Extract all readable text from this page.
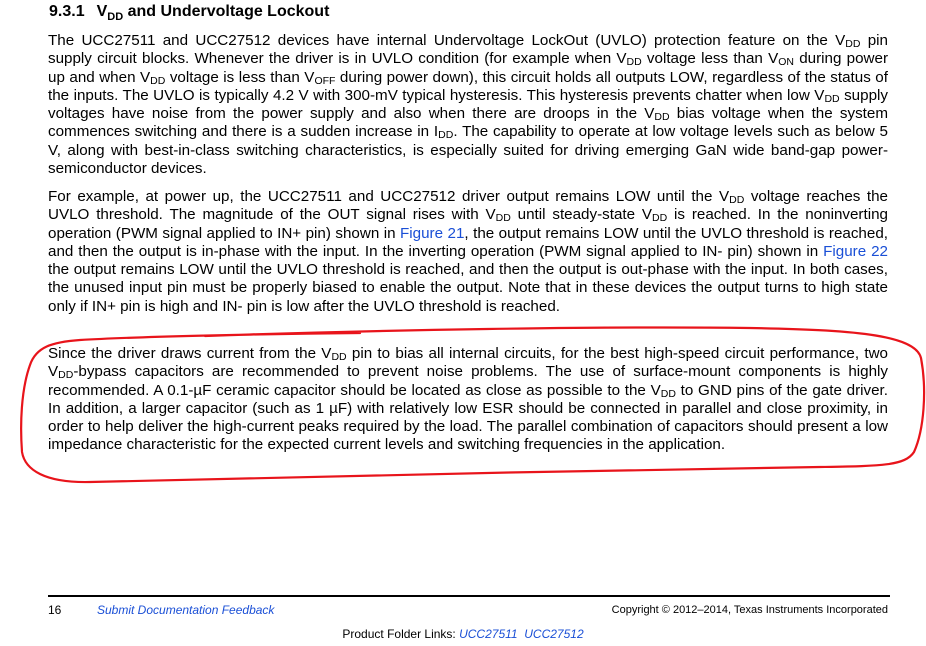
9.3.1 $V_{DD}$ and Undervoltage Lockout
The UCC27511 and UCC27512 devices have internal Undervoltage LockOut (UVLO) protection feature on the $V_{DD}$ pin supply circuit blocks. Whenever the driver is in UVLO condition (for example when $V_{DD}$ voltage less than $V_{ON}$ during power up and when $V_{DD}$ voltage is less than $V_{OFF}$ during power down), this circuit holds all outputs LOW, regardless of the status of the inputs. The UVLO is typically 4.2 V with 300-mV typical hysteresis. This hysteresis prevents chatter when low $V_{DD}$ supply voltages have noise from the power supply and also when there are droops in the $V_{DD}$ bias voltage when the system commences switching and there is a sudden increase in $I_{DD}$. The capability to operate at low voltage levels such as below 5 V, along with best-in-class switching characteristics, is especially suited for driving emerging GaN wide band-gap power-semiconductor devices.
For example, at power up, the UCC27511 and UCC27512 driver output remains LOW until the $V_{DD}$ voltage reaches the UVLO threshold. The magnitude of the OUT signal rises with $V_{DD}$ until steady-state $V_{DD}$ is reached. In the noninverting operation (PWM signal applied to IN+ pin) shown in Figure 21, the output remains LOW until the UVLO threshold is reached, and then the output is in-phase with the input. In the inverting operation (PWM signal applied to IN- pin) shown in Figure 22 the output remains LOW until the UVLO threshold is reached, and then the output is out-phase with the input. In both cases, the unused input pin must be properly biased to enable the output. Note that in these devices the output turns to high state only if IN+ pin is high and IN- pin is low after the UVLO threshold is reached.
Since the driver draws current from the $V_{DD}$ pin to bias all internal circuits, for the best high-speed circuit performance, two $V_{DD}$-bypass capacitors are recommended to prevent noise problems. The use of surface-mount components is highly recommended. A 0.1-µF ceramic capacitor should be located as close as possible to the $V_{DD}$ to GND pins of the gate driver. In addition, a larger capacitor (such as 1 µF) with relatively low ESR should be connected in parallel and close proximity, in order to help deliver the high-current peaks required by the load. The parallel combination of capacitors should present a low impedance characteristic for the expected current levels and switching frequencies in the application.
16	Submit Documentation Feedback	Copyright © 2012–2014, Texas Instruments Incorporated
Product Folder Links: UCC27511 UCC27512
